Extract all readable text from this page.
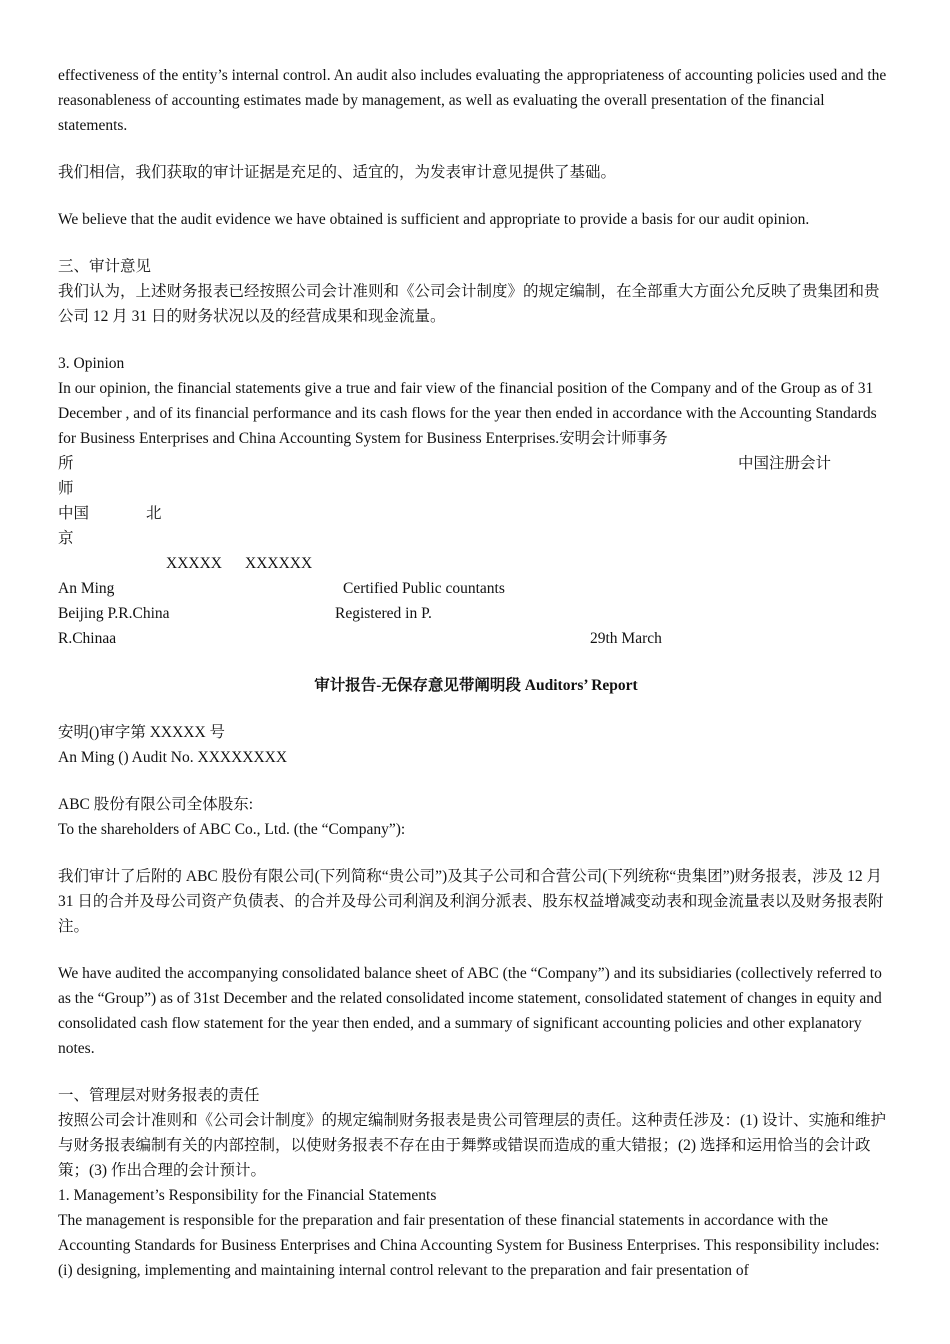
effectiveness of the entity’s internal control. An audit also includes evaluating the appropriateness of accounting policies used and the reasonableness of accounting estimates made by management, as well as evaluating the overall presentation of the financial statements.

我们相信，我们获取的审计证据是充足的、适宜的，为发表审计意见提供了基础。

We believe that the audit evidence we have obtained is sufficient and appropriate to provide a basis for our audit opinion.

三、审计意见

我们认为，上述财务报表已经按照公司会计准则和《公司会计制度》的规定编制，在全部重大方面公允反映了贵集团和贵公司 12 月 31 日的财务状况以及的经营成果和现金流量。

3. Opinion

In our opinion, the financial statements give a true and fair view of the financial position of the Company and of the Group as of 31 December , and of its financial performance and its cash flows for the year then ended in accordance with the Accounting Standards for Business Enterprises and China Accounting System for Business Enterprises.安明会计师事务

所	中国注册会计
师
中国	北
京
XXXXX XXXXXX
An Ming	Certified Public countants
Beijing P.R.China	Registered in P.
R.Chinaa	29th March

审计报告-无保存意见带阐明段 Auditors’ Report

安明()审字第 XXXXX 号

An Ming () Audit No. XXXXXXXX

ABC 股份有限公司全体股东:

To the shareholders of ABC Co., Ltd. (the “Company”):

我们审计了后附的 ABC 股份有限公司(下列简称“贵公司”)及其子公司和合营公司(下列统称“贵集团”)财务报表，涉及 12 月 31 日的合并及母公司资产负债表、的合并及母公司利润及利润分派表、股东权益增减变动表和现金流量表以及财务报表附注。

We have audited the accompanying consolidated balance sheet of ABC (the “Company”) and its subsidiaries (collectively referred to as the “Group”) as of 31st December and the related consolidated income statement, consolidated statement of changes in equity and consolidated cash flow statement for the year then ended, and a summary of significant accounting policies and other explanatory notes.

一、管理层对财务报表的责任

按照公司会计准则和《公司会计制度》的规定编制财务报表是贵公司管理层的责任。这种责任涉及：(1) 设计、实施和维护与财务报表编制有关的内部控制，以使财务报表不存在由于舞弊或错误而造成的重大错报；(2) 选择和运用恰当的会计政策；(3) 作出合理的会计预计。

1. Management’s Responsibility for the Financial Statements

The management is responsible for the preparation and fair presentation of these financial statements in accordance with the Accounting Standards for Business Enterprises and China Accounting System for Business Enterprises. This responsibility includes: (i) designing, implementing and maintaining internal control relevant to the preparation and fair presentation of
